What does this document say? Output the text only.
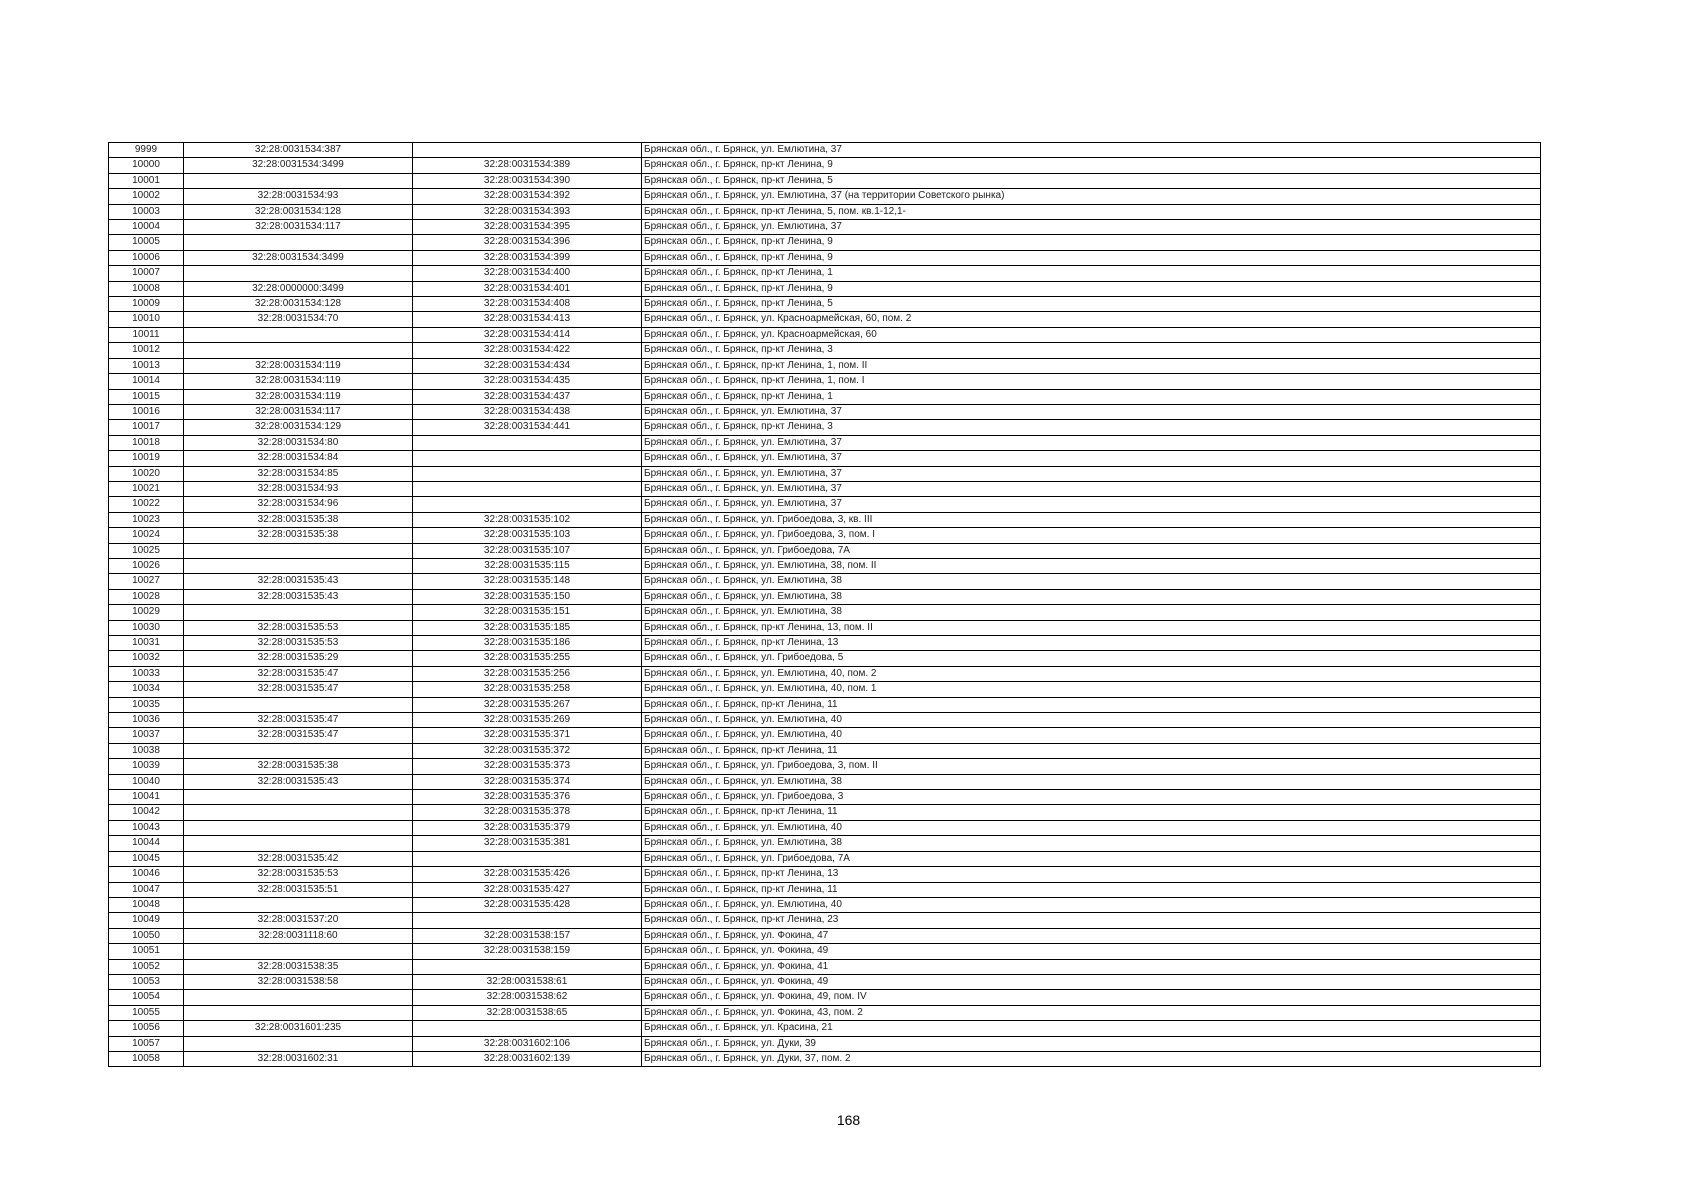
9999	32:28:0031534:387		Брянская обл., г. Брянск, ул. Емлютина, 37
10000	32:28:0031534:3499	32:28:0031534:389	Брянская обл., г. Брянск, пр-кт Ленина, 9
10001		32:28:0031534:390	Брянская обл., г. Брянск, пр-кт Ленина, 5
10002	32:28:0031534:93	32:28:0031534:392	Брянская обл., г. Брянск, ул. Емлютина, 37 (на территории Советского рынка)
10003	32:28:0031534:128	32:28:0031534:393	Брянская обл., г. Брянск, пр-кт Ленина, 5, пом. кв.1-12,1-
10004	32:28:0031534:117	32:28:0031534:395	Брянская обл., г. Брянск, ул. Емлютина, 37
10005		32:28:0031534:396	Брянская обл., г. Брянск, пр-кт Ленина, 9
10006	32:28:0031534:3499	32:28:0031534:399	Брянская обл., г. Брянск, пр-кт Ленина, 9
10007		32:28:0031534:400	Брянская обл., г. Брянск, пр-кт Ленина, 1
10008	32:28:0000000:3499	32:28:0031534:401	Брянская обл., г. Брянск, пр-кт Ленина, 9
10009	32:28:0031534:128	32:28:0031534:408	Брянская обл., г. Брянск, пр-кт Ленина, 5
10010	32:28:0031534:70	32:28:0031534:413	Брянская обл., г. Брянск, ул. Красноармейская, 60, пом. 2
10011		32:28:0031534:414	Брянская обл., г. Брянск, ул. Красноармейская, 60
10012		32:28:0031534:422	Брянская обл., г. Брянск, пр-кт Ленина, 3
10013	32:28:0031534:119	32:28:0031534:434	Брянская обл., г. Брянск, пр-кт Ленина, 1, пом. II
10014	32:28:0031534:119	32:28:0031534:435	Брянская обл., г. Брянск, пр-кт Ленина, 1, пом. I
10015	32:28:0031534:119	32:28:0031534:437	Брянская обл., г. Брянск, пр-кт Ленина, 1
10016	32:28:0031534:117	32:28:0031534:438	Брянская обл., г. Брянск, ул. Емлютина, 37
10017	32:28:0031534:129	32:28:0031534:441	Брянская обл., г. Брянск, пр-кт Ленина, 3
10018	32:28:0031534:80		Брянская обл., г. Брянск, ул. Емлютина, 37
10019	32:28:0031534:84		Брянская обл., г. Брянск, ул. Емлютина, 37
10020	32:28:0031534:85		Брянская обл., г. Брянск, ул. Емлютина, 37
10021	32:28:0031534:93		Брянская обл., г. Брянск, ул. Емлютина, 37
10022	32:28:0031534:96		Брянская обл., г. Брянск, ул. Емлютина, 37
10023	32:28:0031535:38	32:28:0031535:102	Брянская обл., г. Брянск, ул. Грибоедова, 3, кв. III
10024	32:28:0031535:38	32:28:0031535:103	Брянская обл., г. Брянск, ул. Грибоедова, 3, пом. I
10025		32:28:0031535:107	Брянская обл., г. Брянск, ул. Грибоедова, 7А
10026		32:28:0031535:115	Брянская обл., г. Брянск, ул. Емлютина, 38, пом. II
10027	32:28:0031535:43	32:28:0031535:148	Брянская обл., г. Брянск, ул. Емлютина, 38
10028	32:28:0031535:43	32:28:0031535:150	Брянская обл., г. Брянск, ул. Емлютина, 38
10029		32:28:0031535:151	Брянская обл., г. Брянск, ул. Емлютина, 38
10030	32:28:0031535:53	32:28:0031535:185	Брянская обл., г. Брянск, пр-кт Ленина, 13, пом. II
10031	32:28:0031535:53	32:28:0031535:186	Брянская обл., г. Брянск, пр-кт Ленина, 13
10032	32:28:0031535:29	32:28:0031535:255	Брянская обл., г. Брянск, ул. Грибоедова, 5
10033	32:28:0031535:47	32:28:0031535:256	Брянская обл., г. Брянск, ул. Емлютина, 40, пом. 2
10034	32:28:0031535:47	32:28:0031535:258	Брянская обл., г. Брянск, ул. Емлютина, 40, пом. 1
10035		32:28:0031535:267	Брянская обл., г. Брянск, пр-кт Ленина, 11
10036	32:28:0031535:47	32:28:0031535:269	Брянская обл., г. Брянск, ул. Емлютина, 40
10037	32:28:0031535:47	32:28:0031535:371	Брянская обл., г. Брянск, ул. Емлютина, 40
10038		32:28:0031535:372	Брянская обл., г. Брянск, пр-кт Ленина, 11
10039	32:28:0031535:38	32:28:0031535:373	Брянская обл., г. Брянск, ул. Грибоедова, 3, пом. II
10040	32:28:0031535:43	32:28:0031535:374	Брянская обл., г. Брянск, ул. Емлютина, 38
10041		32:28:0031535:376	Брянская обл., г. Брянск, ул. Грибоедова, 3
10042		32:28:0031535:378	Брянская обл., г. Брянск, пр-кт Ленина, 11
10043		32:28:0031535:379	Брянская обл., г. Брянск, ул. Емлютина, 40
10044		32:28:0031535:381	Брянская обл., г. Брянск, ул. Емлютина, 38
10045	32:28:0031535:42		Брянская обл., г. Брянск, ул. Грибоедова, 7А
10046	32:28:0031535:53	32:28:0031535:426	Брянская обл., г. Брянск, пр-кт Ленина, 13
10047	32:28:0031535:51	32:28:0031535:427	Брянская обл., г. Брянск, пр-кт Ленина, 11
10048		32:28:0031535:428	Брянская обл., г. Брянск, ул. Емлютина, 40
10049	32:28:0031537:20		Брянская обл., г. Брянск, пр-кт Ленина, 23
10050	32:28:0031118:60	32:28:0031538:157	Брянская обл., г. Брянск, ул. Фокина, 47
10051		32:28:0031538:159	Брянская обл., г. Брянск, ул. Фокина, 49
10052	32:28:0031538:35		Брянская обл., г. Брянск, ул. Фокина, 41
10053	32:28:0031538:58	32:28:0031538:61	Брянская обл., г. Брянск, ул. Фокина, 49
10054		32:28:0031538:62	Брянская обл., г. Брянск, ул. Фокина, 49, пом. IV
10055		32:28:0031538:65	Брянская обл., г. Брянск, ул. Фокина, 43, пом. 2
10056	32:28:0031601:235		Брянская обл., г. Брянск, ул. Красина, 21
10057		32:28:0031602:106	Брянская обл., г. Брянск, ул. Дуки, 39
10058	32:28:0031602:31	32:28:0031602:139	Брянская обл., г. Брянск, ул. Дуки, 37, пом. 2
168
